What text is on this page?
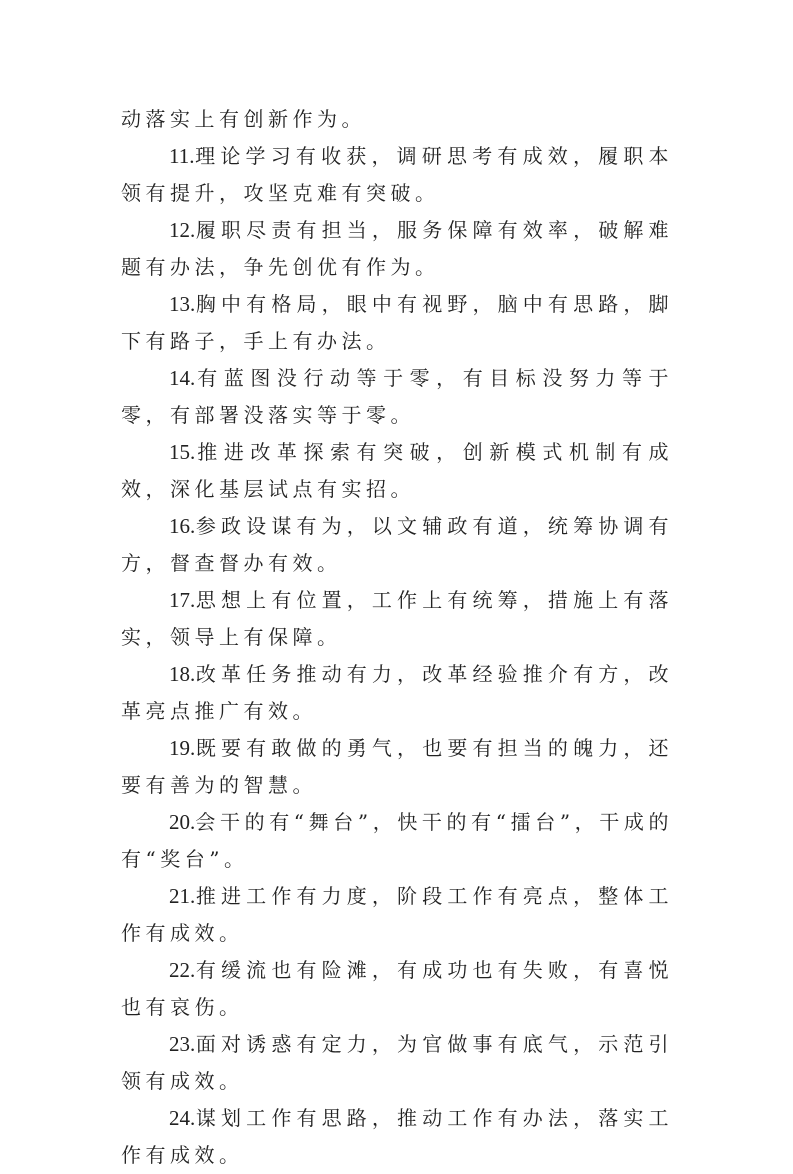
动落实上有创新作为。

11.理论学习有收获，调研思考有成效，履职本领有提升，攻坚克难有突破。

12.履职尽责有担当，服务保障有效率，破解难题有办法，争先创优有作为。

13.胸中有格局，眼中有视野，脑中有思路，脚下有路子，手上有办法。

14.有蓝图没行动等于零，有目标没努力等于零，有部署没落实等于零。

15.推进改革探索有突破，创新模式机制有成效，深化基层试点有实招。

16.参政设谋有为，以文辅政有道，统筹协调有方，督查督办有效。

17.思想上有位置，工作上有统筹，措施上有落实，领导上有保障。

18.改革任务推动有力，改革经验推介有方，改革亮点推广有效。

19.既要有敢做的勇气，也要有担当的魄力，还要有善为的智慧。

20.会干的有“舞台”，快干的有“擂台”，干成的有“奖台”。

21.推进工作有力度，阶段工作有亮点，整体工作有成效。

22.有缓流也有险滩，有成功也有失败，有喜悦也有哀伤。

23.面对诱惑有定力，为官做事有底气，示范引领有成效。

24.谋划工作有思路，推动工作有办法，落实工作有成效。
